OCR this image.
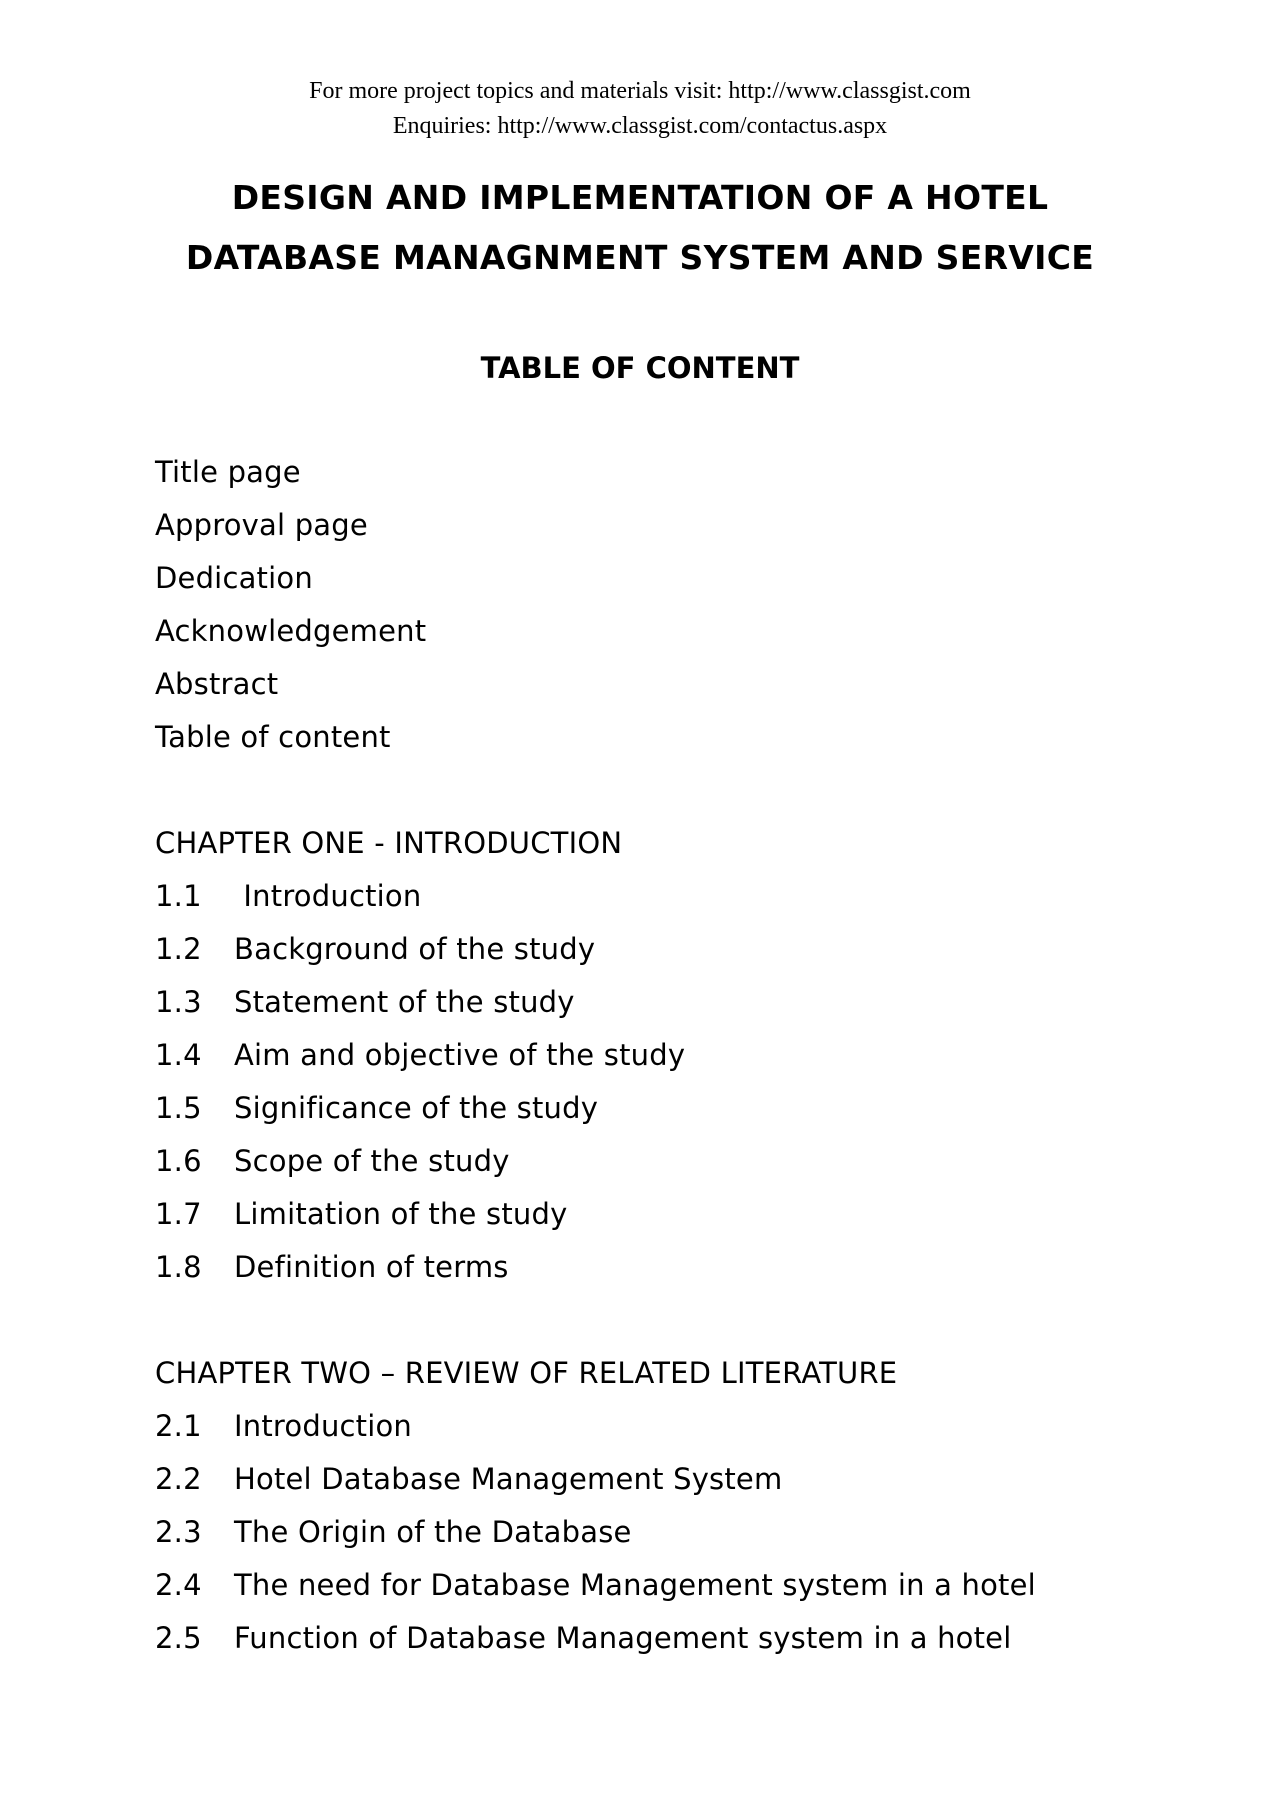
For more project topics and materials visit: http://www.classgist.com
Enquiries: http://www.classgist.com/contactus.aspx
DESIGN AND IMPLEMENTATION OF A HOTEL
DATABASE MANAGNMENT SYSTEM AND SERVICE
TABLE OF CONTENT
Title page
Approval page
Dedication
Acknowledgement
Abstract
Table of content
CHAPTER ONE - INTRODUCTION
1.1 Introduction
1.2 Background of the study
1.3 Statement of the study
1.4 Aim and objective of the study
1.5 Significance of the study
1.6 Scope of the study
1.7 Limitation of the study
1.8 Definition of terms
CHAPTER TWO – REVIEW OF RELATED LITERATURE
2.1 Introduction
2.2 Hotel Database Management System
2.3 The Origin of the Database
2.4 The need for Database Management system in a hotel
2.5 Function of Database Management system in a hotel
